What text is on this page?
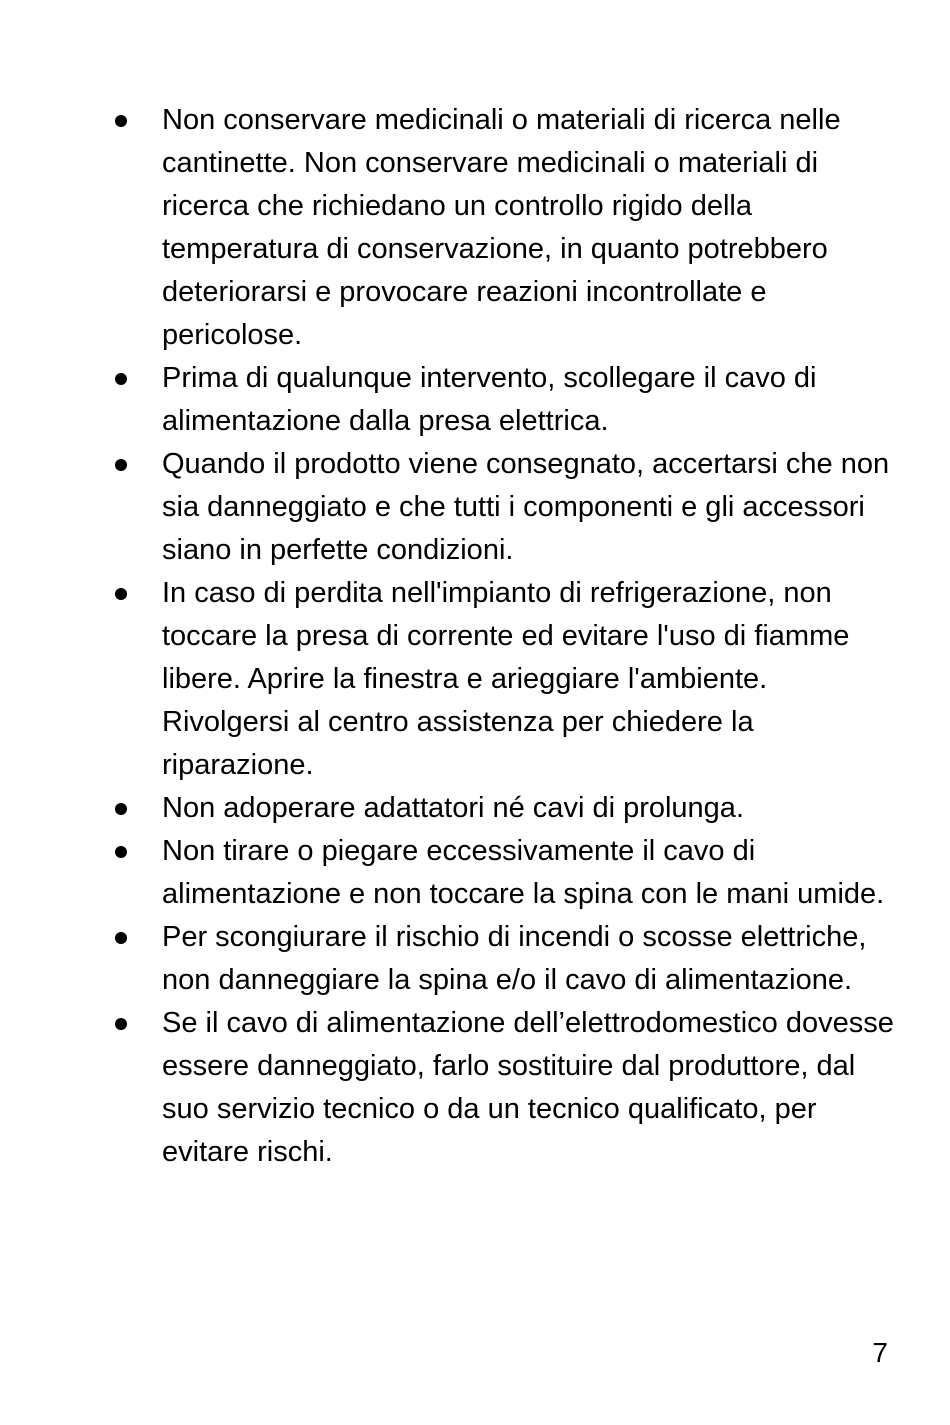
Non conservare medicinali o materiali di ricerca nelle cantinette. Non conservare medicinali o materiali di ricerca che richiedano un controllo rigido della temperatura di conservazione, in quanto potrebbero deteriorarsi e provocare reazioni incontrollate e pericolose.
Prima di qualunque intervento, scollegare il cavo di alimentazione dalla presa elettrica.
Quando il prodotto viene consegnato, accertarsi che non sia danneggiato e che tutti i componenti e gli accessori siano in perfette condizioni.
In caso di perdita nell'impianto di refrigerazione, non toccare la presa di corrente ed evitare l'uso di fiamme libere. Aprire la finestra e arieggiare l'ambiente. Rivolgersi al centro assistenza per chiedere la riparazione.
Non adoperare adattatori né cavi di prolunga.
Non tirare o piegare eccessivamente il cavo di alimentazione e non toccare la spina con le mani umide.
Per scongiurare il rischio di incendi o scosse elettriche, non danneggiare la spina e/o il cavo di alimentazione.
Se il cavo di alimentazione dell’elettrodomestico dovesse essere danneggiato, farlo sostituire dal produttore, dal suo servizio tecnico o da un tecnico qualificato, per evitare rischi.
7
